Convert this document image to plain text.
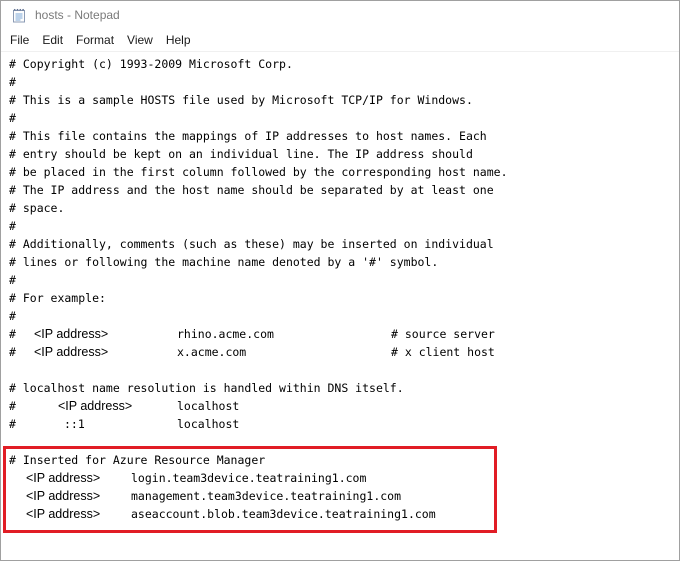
hosts - Notepad
File Edit Format View Help
# Copyright (c) 1993-2009 Microsoft Corp.
#
# This is a sample HOSTS file used by Microsoft TCP/IP for Windows.
#
# This file contains the mappings of IP addresses to host names. Each
# entry should be kept on an individual line. The IP address should
# be placed in the first column followed by the corresponding host name.
# The IP address and the host name should be separated by at least one
# space.
#
# Additionally, comments (such as these) may be inserted on individual
# lines or following the machine name denoted by a '#' symbol.
#
# For example:
#
# <IP address>	rhino.acme.com	# source server
# <IP address>	x.acme.com	# x client host
# localhost name resolution is handled within DNS itself.
#	<IP address>	localhost
#	::1	localhost
# Inserted for Azure Resource Manager
<IP address>	login.team3device.teatraining1.com
<IP address>	management.team3device.teatraining1.com
<IP address>	aseaccount.blob.team3device.teatraining1.com
